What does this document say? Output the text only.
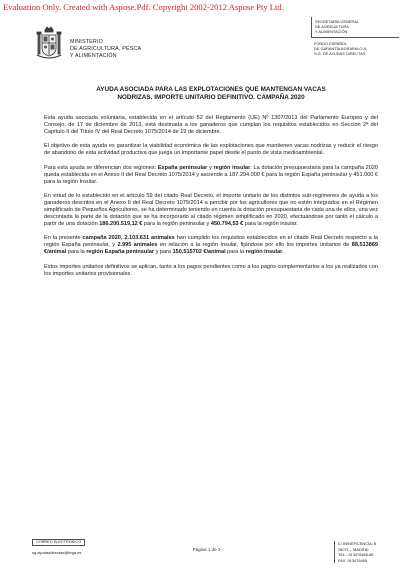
Evaluation Only. Created with Aspose.Pdf. Copyright 2002-2012 Aspose Pty Ltd.
MINISTERIO
DE AGRICULTURA, PESCA
Y ALIMENTACIÓN
SECRETARÍA GENERAL
DE AGRICULTURA
Y ALIMENTACIÓN
FONDO ESPAÑOL
DE GARANTÍA AGRARIA O.A.
S.G. DE AYUDAS DIRECTAS
AYUDA ASOCIADA PARA LAS EXPLOTACIONES QUE MANTENGAN VACAS
NODRIZAS. IMPORTE UNITARIO DEFINITIVO. CAMPAÑA 2020

Esta ayuda asociada voluntaria, establecida en el artículo 52 del Reglamento (UE) Nº 1307/2013 del Parlamento Europeo y del Consejo, de 17 de diciembre de 2013, está destinada a los ganaderos que cumplan los requisitos establecidos en Sección 2ª del Capítulo II del Título IV del Real Decreto 1075/2014 de 19 de diciembre.

El objetivo de esta ayuda es garantizar la viabilidad económica de las explotaciones que mantienen vacas nodrizas y reducir el riesgo de abandono de esta actividad productiva que juega un importante papel desde el punto de vista medioambiental.

Para esta ayuda se diferencian dos regiones: España peninsular y región insular. La dotación presupuestaria para la campaña 2020 queda establecida en el Anexo II del Real Decreto 1075/2014 y asciende a 187.294.000 € para la región España peninsular y 451.000 € para la región Insular.

En virtud de lo establecido en el artículo 59 del citado Real Decreto, el importe unitario de los distintos sub-regímenes de ayuda a los ganaderos descritos en el Anexo II del Real Decreto 1075/2014 a percibir por los agricultores que no estén integrados en el Régimen simplificado de Pequeños Agricultores, se ha determinado teniendo en cuenta la dotación presupuestaria de cada una de ellos, una vez descontada la parte de la dotación que se ha incorporado al citado régimen simplificado en 2020, efectuándose por tanto el cálculo a partir de una dotación 186.200.519,12 € para la región peninsular y 450.794,53 € para la región insular.

En la presente campaña 2020, 2.103.631 animales han cumplido los requisitos establecidos en el citado Real Decreto respecto a la región España peninsular, y 2.995 animales en relación a la región Insular, fijándose por ello los importes unitarios de 88,513869 €/animal para la región España peninsular y para 150,515702 €/animal para la región insular.

Estos importes unitarios definitivos se aplican, tanto a los pagos pendientes como a los pagos complementarios a los ya realizados con los importes unitarios provisionales.

CORREO ELECTRÓNICO
sg.ayudasdirectas@fega.es
Página 1 de 2
C/ BENEFICENCIA, 8
28071 – MADRID
TEL.: 913476466-68
FAX: 913476465
